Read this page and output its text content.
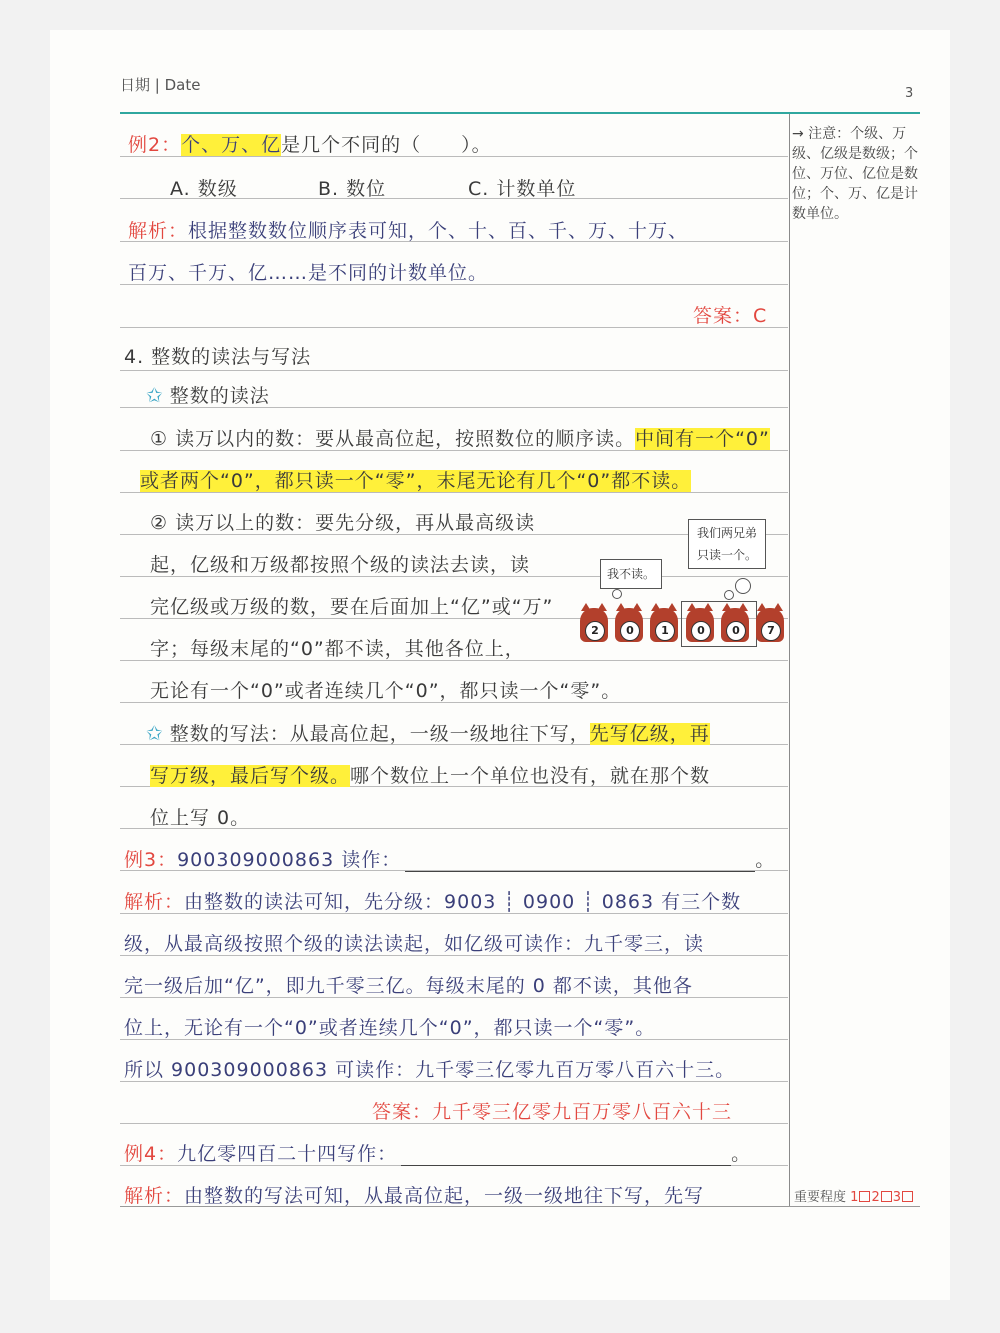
日期 | Date	3
例2：个、万、亿是几个不同的（　　）。
A. 数级	B. 数位	C. 计数单位
解析：根据整数数位顺序表可知，个、十、百、千、万、十万、
百万、千万、亿……是不同的计数单位。
答案：C
4. 整数的读法与写法
✩ 整数的读法
① 读万以内的数：要从最高位起，按照数位的顺序读。中间有一个“0”
或者两个“0”，都只读一个“零”，末尾无论有几个“0”都不读。
② 读万以上的数：要先分级，再从最高级读
起，亿级和万级都按照个级的读法去读，读
完亿级或万级的数，要在后面加上“亿”或“万”
字；每级末尾的“0”都不读，其他各位上，
无论有一个“0”或者连续几个“0”，都只读一个“零”。
我不读。
我们两兄弟
只读一个。
2	0	1	0	0	7
✩ 整数的写法：从最高位起，一级一级地往下写，先写亿级，再
写万级，最后写个级。哪个数位上一个单位也没有，就在那个数
位上写 0。
例3：900309000863 读作：	。
解析：由整数的读法可知，先分级：9003 ┊ 0900 ┊ 0863 有三个数
级，从最高级按照个级的读法读起，如亿级可读作：九千零三，读
完一级后加“亿”，即九千零三亿。每级末尾的 0 都不读，其他各
位上，无论有一个“0”或者连续几个“0”，都只读一个“零”。
所以 900309000863 可读作：九千零三亿零九百万零八百六十三。
答案：九千零三亿零九百万零八百六十三
例4：九亿零四百二十四写作：	。
解析：由整数的写法可知，从最高位起，一级一级地往下写，先写
→ 注意：个级、万级、亿级是数级；个位、万位、亿位是数位；个、万、亿是计数单位。
重要程度 1 2 3
